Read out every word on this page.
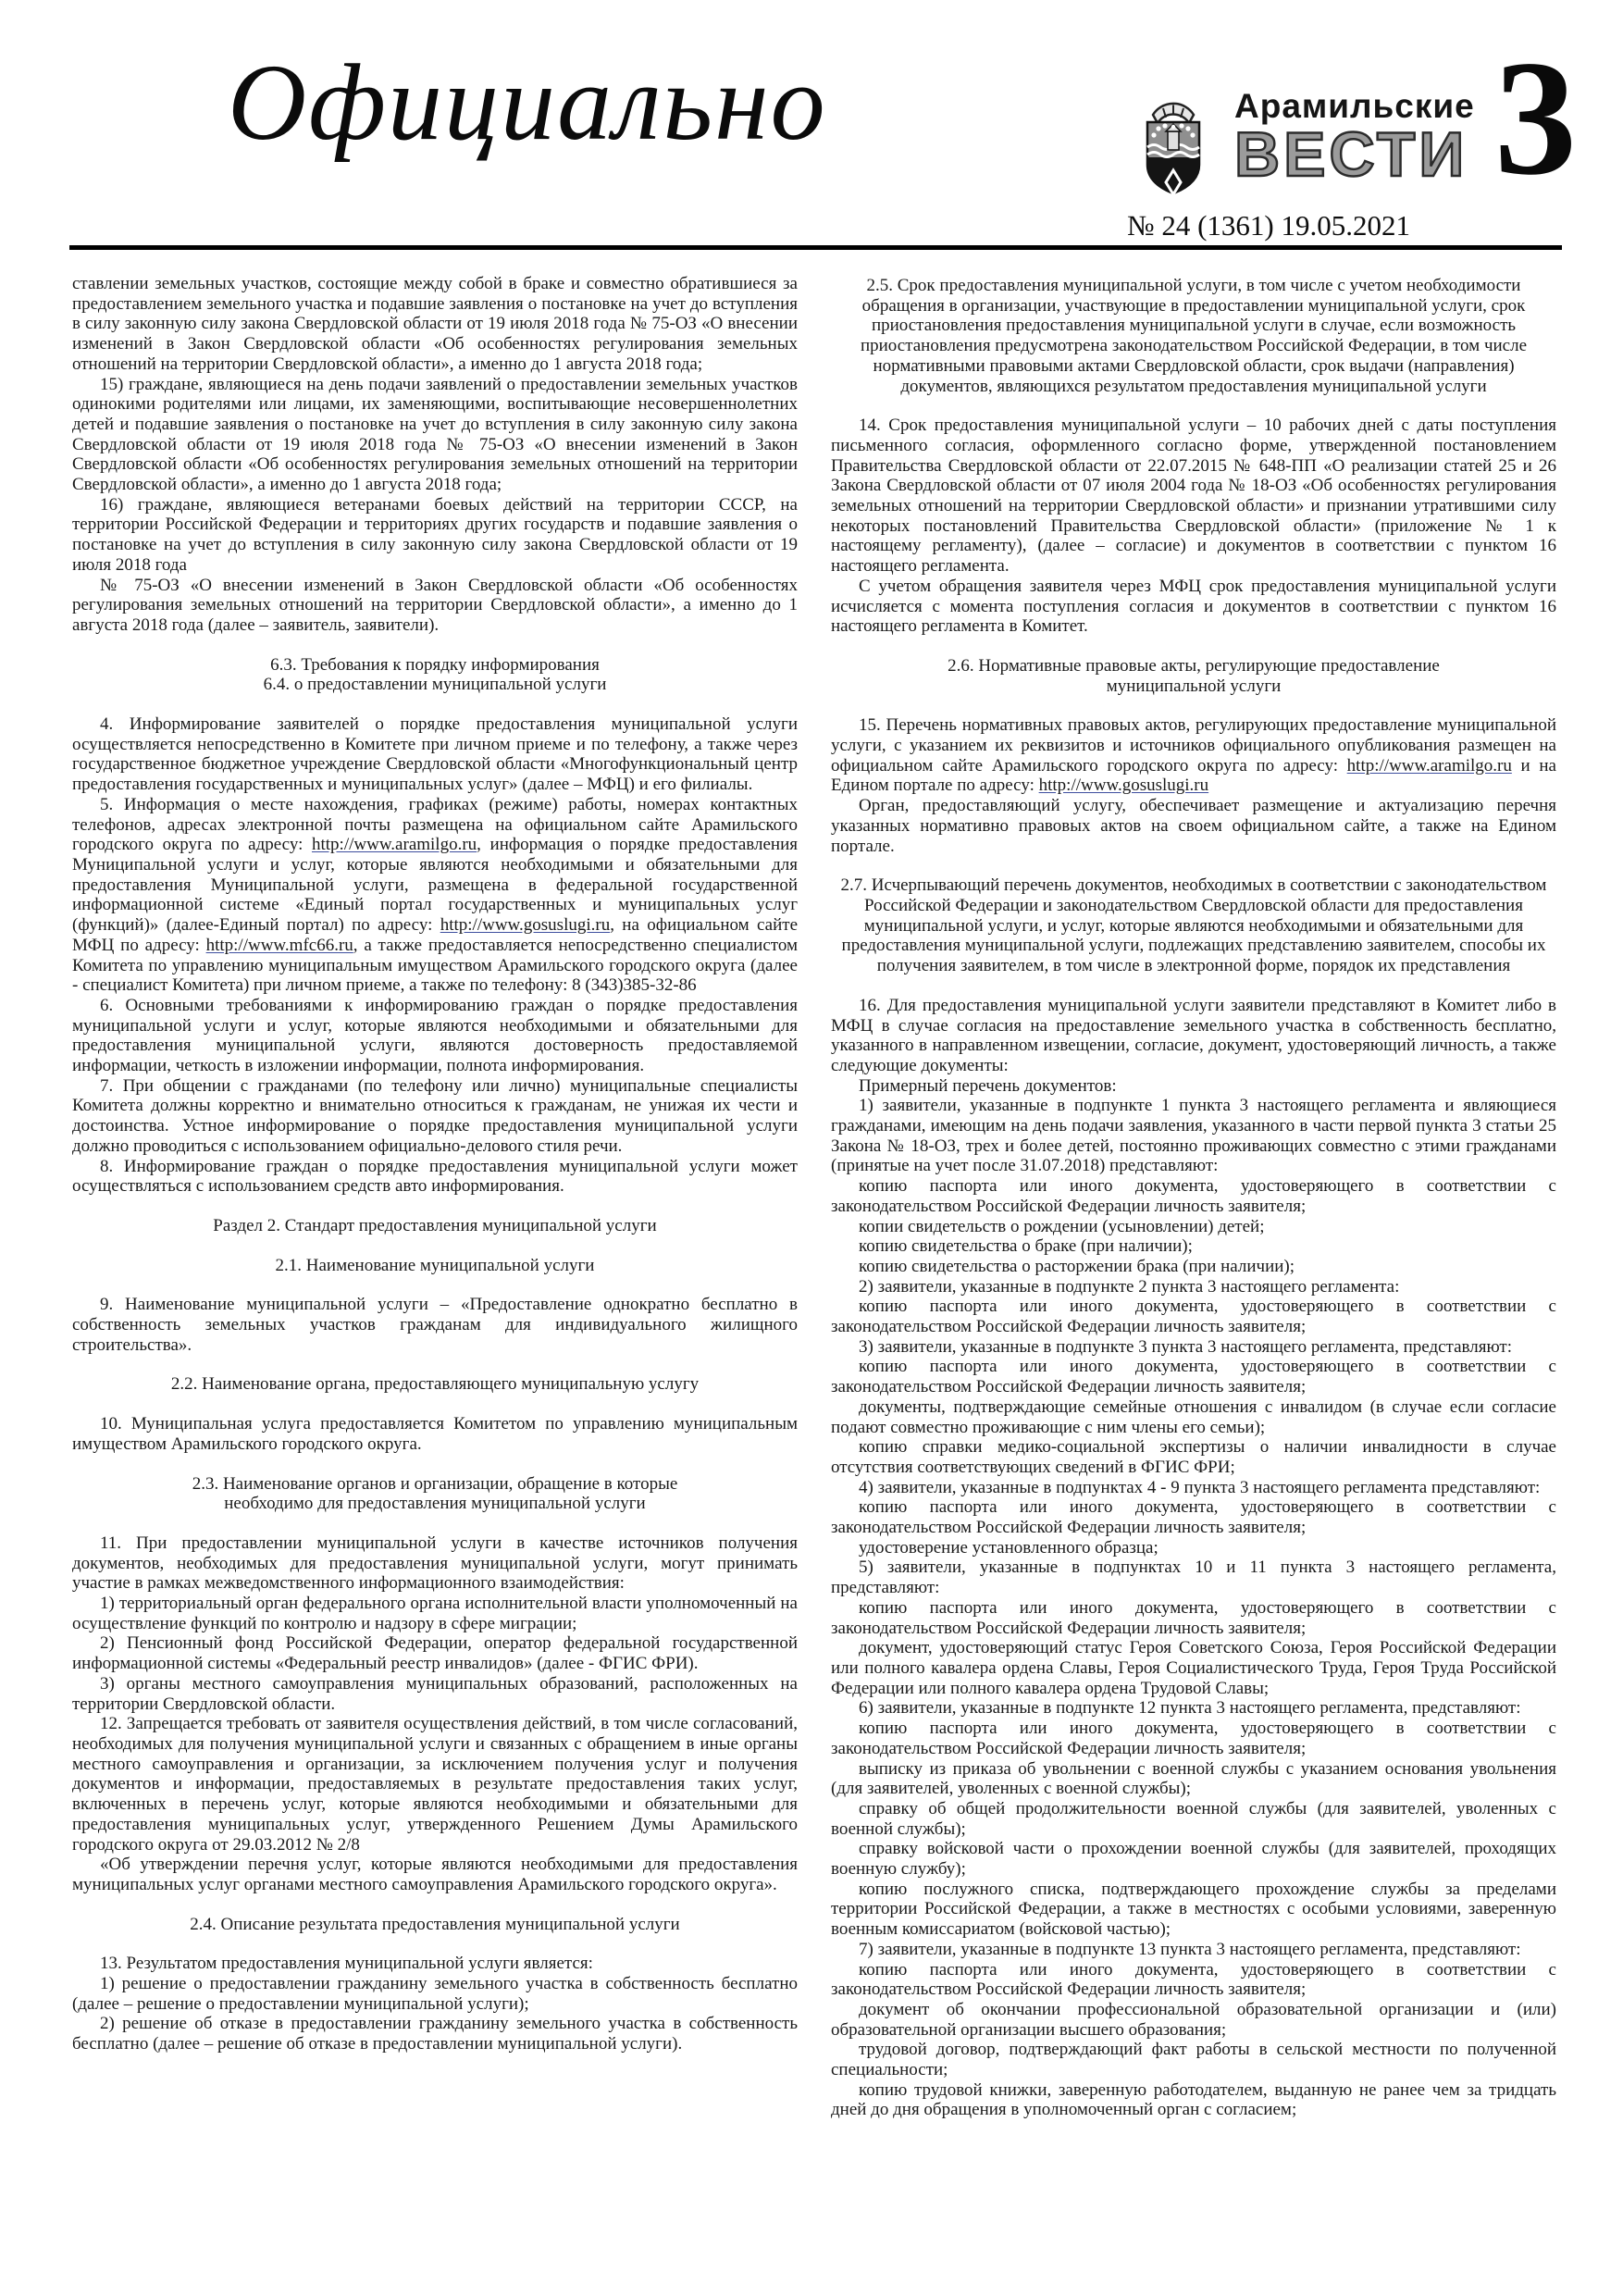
Официально	Арамильские
ВЕСТИ
№ 24 (1361) 19.05.2021
3
ставлении земельных участков, состоящие между собой в браке и совместно обратившиеся за предоставлением земельного участка и подавшие заявления о постановке на учет до вступления в силу законную силу закона Свердловской области от 19 июля 2018 года № 75-ОЗ «О внесении изменений в Закон Свердловской области «Об особенностях регулирования земельных отношений на территории Свердловской области», а именно до 1 августа 2018 года;
15) граждане, являющиеся на день подачи заявлений о предоставлении земельных участков одинокими родителями или лицами, их заменяющими, воспитывающие несовершеннолетних детей и подавшие заявления о постановке на учет до вступления в силу законную силу закона Свердловской области от 19 июля 2018 года № 75-ОЗ «О внесении изменений в Закон Свердловской области «Об особенностях регулирования земельных отношений на территории Свердловской области», а именно до 1 августа 2018 года;
16) граждане, являющиеся ветеранами боевых действий на территории СССР, на территории Российской Федерации и территориях других государств и подавшие заявления о постановке на учет до вступления в силу законную силу закона Свердловской области от 19 июля 2018 года
№ 75-ОЗ «О внесении изменений в Закон Свердловской области «Об особенностях регулирования земельных отношений на территории Свердловской области», а именно до 1 августа 2018 года (далее – заявитель, заявители).
6.3. Требования к порядку информирования
6.4. о предоставлении муниципальной услуги
4. Информирование заявителей о порядке предоставления муниципальной услуги осуществляется непосредственно в Комитете при личном приеме и по телефону, а также через государственное бюджетное учреждение Свердловской области «Многофункциональный центр предоставления государственных и муниципальных услуг» (далее – МФЦ) и его филиалы.
5. Информация о месте нахождения, графиках (режиме) работы, номерах контактных телефонов, адресах электронной почты размещена на официальном сайте Арамильского городского округа по адресу: http://www.aramilgo.ru, информация о порядке предоставления Муниципальной услуги и услуг, которые являются необходимыми и обязательными для предоставления Муниципальной услуги, размещена в федеральной государственной информационной системе «Единый портал государственных и муниципальных услуг (функций)» (далее-Единый портал) по адресу: http://www.gosuslugi.ru, на официальном сайте МФЦ по адресу: http://www.mfc66.ru, а также предоставляется непосредственно специалистом Комитета по управлению муниципальным имуществом Арамильского городского округа (далее - специалист Комитета) при личном приеме, а также по телефону: 8 (343)385-32-86
6. Основными требованиями к информированию граждан о порядке предоставления муниципальной услуги и услуг, которые являются необходимыми и обязательными для предоставления муниципальной услуги, являются достоверность предоставляемой информации, четкость в изложении информации, полнота информирования.
7. При общении с гражданами (по телефону или лично) муниципальные специалисты Комитета должны корректно и внимательно относиться к гражданам, не унижая их чести и достоинства. Устное информирование о порядке предоставления муниципальной услуги должно проводиться с использованием официально-делового стиля речи.
8. Информирование граждан о порядке предоставления муниципальной услуги может осуществляться с использованием средств авто информирования.
Раздел 2. Стандарт предоставления муниципальной услуги
2.1. Наименование муниципальной услуги
9. Наименование муниципальной услуги – «Предоставление однократно бесплатно в собственность земельных участков гражданам для индивидуального жилищного строительства».
2.2. Наименование органа, предоставляющего муниципальную услугу
10. Муниципальная услуга предоставляется Комитетом по управлению муниципальным имуществом Арамильского городского округа.
2.3. Наименование органов и организации, обращение в которые
необходимо для предоставления муниципальной услуги
11. При предоставлении муниципальной услуги в качестве источников получения документов, необходимых для предоставления муниципальной услуги, могут принимать участие в рамках межведомственного информационного взаимодействия:
1) территориальный орган федерального органа исполнительной власти уполномоченный на осуществление функций по контролю и надзору в сфере миграции;
2) Пенсионный фонд Российской Федерации, оператор федеральной государственной информационной системы «Федеральный реестр инвалидов» (далее - ФГИС ФРИ).
3) органы местного самоуправления муниципальных образований, расположенных на территории Свердловской области.
12. Запрещается требовать от заявителя осуществления действий, в том числе согласований, необходимых для получения муниципальной услуги и связанных с обращением в иные органы местного самоуправления и организации, за исключением получения услуг и получения документов и информации, предоставляемых в результате предоставления таких услуг, включенных в перечень услуг, которые являются необходимыми и обязательными для предоставления муниципальных услуг, утвержденного Решением Думы Арамильского городского округа от 29.03.2012 № 2/8
«Об утверждении перечня услуг, которые являются необходимыми для предоставления муниципальных услуг органами местного самоуправления Арамильского городского округа».
2.4. Описание результата предоставления муниципальной услуги
13. Результатом предоставления муниципальной услуги является:
1) решение о предоставлении гражданину земельного участка в собственность бесплатно (далее – решение о предоставлении муниципальной услуги);
2) решение об отказе в предоставлении гражданину земельного участка в собственность бесплатно (далее – решение об отказе в предоставлении муниципальной услуги).
2.5. Срок предоставления муниципальной услуги, в том числе с учетом необходимости обращения в организации, участвующие в предоставлении муниципальной услуги, срок приостановления предоставления муниципальной услуги в случае, если возможность приостановления предусмотрена законодательством Российской Федерации, в том числе нормативными правовыми актами Свердловской области, срок выдачи (направления) документов, являющихся результатом предоставления муниципальной услуги
14. Срок предоставления муниципальной услуги – 10 рабочих дней с даты поступления письменного согласия, оформленного согласно форме, утвержденной постановлением Правительства Свердловской области от 22.07.2015 № 648-ПП «О реализации статей 25 и 26 Закона Свердловской области от 07 июля 2004 года № 18-ОЗ «Об особенностях регулирования земельных отношений на территории Свердловской области» и признании утратившими силу некоторых постановлений Правительства Свердловской области» (приложение № 1 к настоящему регламенту), (далее – согласие) и документов в соответствии с пунктом 16 настоящего регламента.
С учетом обращения заявителя через МФЦ срок предоставления муниципальной услуги исчисляется с момента поступления согласия и документов в соответствии с пунктом 16 настоящего регламента в Комитет.
2.6. Нормативные правовые акты, регулирующие предоставление
муниципальной услуги
15. Перечень нормативных правовых актов, регулирующих предоставление муниципальной услуги, с указанием их реквизитов и источников официального опубликования размещен на официальном сайте Арамильского городского округа по адресу: http://www.aramilgo.ru и на Едином портале по адресу: http://www.gosuslugi.ru
Орган, предоставляющий услугу, обеспечивает размещение и актуализацию перечня указанных нормативно правовых актов на своем официальном сайте, а также на Едином портале.
2.7. Исчерпывающий перечень документов, необходимых в соответствии с законодательством Российской Федерации и законодательством Свердловской области для предоставления муниципальной услуги, и услуг, которые являются необходимыми и обязательными для предоставления муниципальной услуги, подлежащих представлению заявителем, способы их получения заявителем, в том числе в электронной форме, порядок их представления
16. Для предоставления муниципальной услуги заявители представляют в Комитет либо в МФЦ в случае согласия на предоставление земельного участка в собственность бесплатно, указанного в направленном извещении, согласие, документ, удостоверяющий личность, а также следующие документы:
Примерный перечень документов:
1) заявители, указанные в подпункте 1 пункта 3 настоящего регламента и являющиеся гражданами, имеющим на день подачи заявления, указанного в части первой пункта 3 статьи 25 Закона № 18-ОЗ, трех и более детей, постоянно проживающих совместно с этими гражданами (принятые на учет после 31.07.2018) представляют:
копию паспорта или иного документа, удостоверяющего в соответствии с законодательством Российской Федерации личность заявителя;
копии свидетельств о рождении (усыновлении) детей;
копию свидетельства о браке (при наличии);
копию свидетельства о расторжении брака (при наличии);
2) заявители, указанные в подпункте 2 пункта 3 настоящего регламента:
копию паспорта или иного документа, удостоверяющего в соответствии с законодательством Российской Федерации личность заявителя;
3) заявители, указанные в подпункте 3 пункта 3 настоящего регламента, представляют:
копию паспорта или иного документа, удостоверяющего в соответствии с законодательством Российской Федерации личность заявителя;
документы, подтверждающие семейные отношения с инвалидом (в случае если согласие подают совместно проживающие с ним члены его семьи);
копию справки медико-социальной экспертизы о наличии инвалидности в случае отсутствия соответствующих сведений в ФГИС ФРИ;
4) заявители, указанные в подпунктах 4 - 9 пункта 3 настоящего регламента представляют:
копию паспорта или иного документа, удостоверяющего в соответствии с законодательством Российской Федерации личность заявителя;
удостоверение установленного образца;
5) заявители, указанные в подпунктах 10 и 11 пункта 3 настоящего регламента, представляют:
копию паспорта или иного документа, удостоверяющего в соответствии с законодательством Российской Федерации личность заявителя;
документ, удостоверяющий статус Героя Советского Союза, Героя Российской Федерации или полного кавалера ордена Славы, Героя Социалистического Труда, Героя Труда Российской Федерации или полного кавалера ордена Трудовой Славы;
6) заявители, указанные в подпункте 12 пункта 3 настоящего регламента, представляют:
копию паспорта или иного документа, удостоверяющего в соответствии с законодательством Российской Федерации личность заявителя;
выписку из приказа об увольнении с военной службы с указанием основания увольнения (для заявителей, уволенных с военной службы);
справку об общей продолжительности военной службы (для заявителей, уволенных с военной службы);
справку войсковой части о прохождении военной службы (для заявителей, проходящих военную службу);
копию послужного списка, подтверждающего прохождение службы за пределами территории Российской Федерации, а также в местностях с особыми условиями, заверенную военным комиссариатом (войсковой частью);
7) заявители, указанные в подпункте 13 пункта 3 настоящего регламента, представляют:
копию паспорта или иного документа, удостоверяющего в соответствии с законодательством Российской Федерации личность заявителя;
документ об окончании профессиональной образовательной организации и (или) образовательной организации высшего образования;
трудовой договор, подтверждающий факт работы в сельской местности по полученной специальности;
копию трудовой книжки, заверенную работодателем, выданную не ранее чем за тридцать дней до дня обращения в уполномоченный орган с согласием;
